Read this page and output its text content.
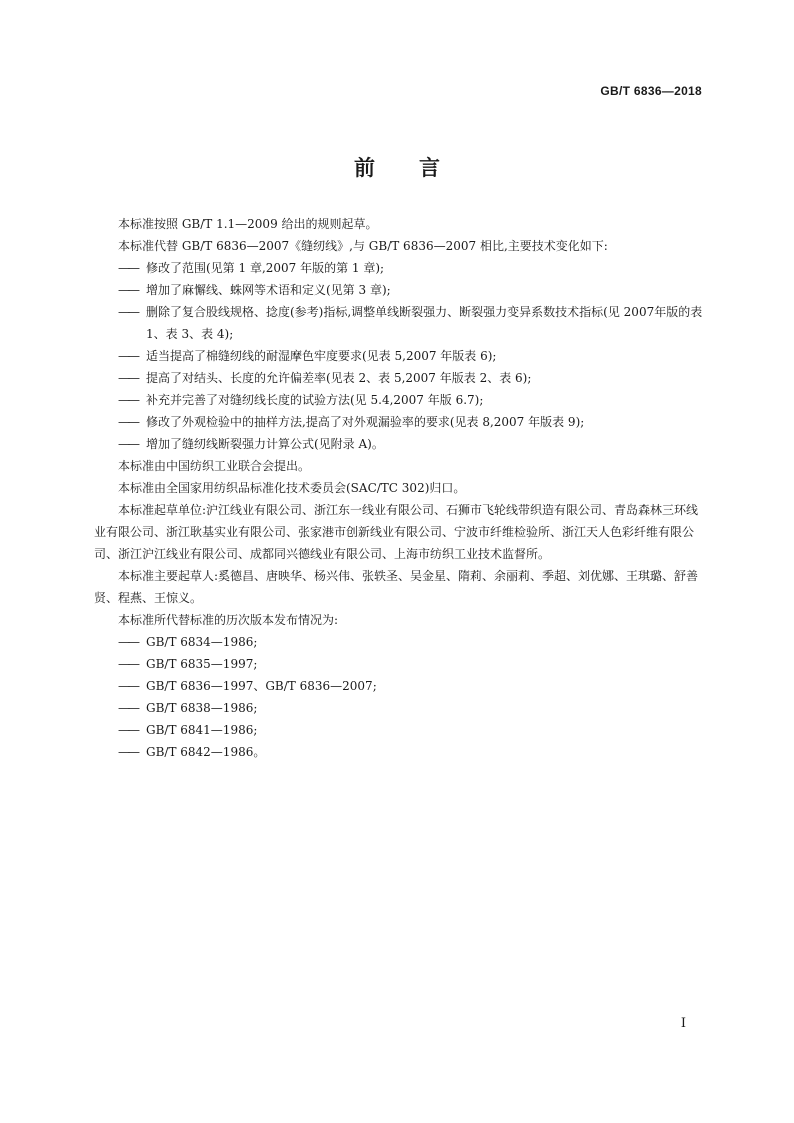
GB/T 6836—2018
前言

本标准按照 GB/T 1.1—2009 给出的规则起草。

本标准代替 GB/T 6836—2007《缝纫线》,与 GB/T 6836—2007 相比,主要技术变化如下:

—— 修改了范围(见第 1 章,2007 年版的第 1 章);

—— 增加了麻懈线、蛛网等术语和定义(见第 3 章);

—— 删除了复合股线规格、捻度(参考)指标,调整单线断裂强力、断裂强力变异系数技术指标(见 2007年版的表 1、表 3、表 4);

—— 适当提高了棉缝纫线的耐湿摩色牢度要求(见表 5,2007 年版表 6);

—— 提高了对结头、长度的允许偏差率(见表 2、表 5,2007 年版表 2、表 6);

—— 补充并完善了对缝纫线长度的试验方法(见 5.4,2007 年版 6.7);

—— 修改了外观检验中的抽样方法,提高了对外观漏验率的要求(见表 8,2007 年版表 9);

—— 增加了缝纫线断裂强力计算公式(见附录 A)。

本标准由中国纺织工业联合会提出。

本标准由全国家用纺织品标准化技术委员会(SAC/TC 302)归口。

本标准起草单位:沪江线业有限公司、浙江东一线业有限公司、石狮市飞轮线带织造有限公司、青岛森林三环线业有限公司、浙江耿基实业有限公司、张家港市创新线业有限公司、宁波市纤维检验所、浙江天人色彩纤维有限公司、浙江沪江线业有限公司、成都同兴德线业有限公司、上海市纺织工业技术监督所。

本标准主要起草人:奚德昌、唐映华、杨兴伟、张轶圣、吴金星、隋莉、余丽莉、季超、刘优娜、王琪璐、舒善贤、程燕、王惊义。

本标准所代替标准的历次版本发布情况为:

—— GB/T 6834—1986;

—— GB/T 6835—1997;

—— GB/T 6836—1997、GB/T 6836—2007;

—— GB/T 6838—1986;

—— GB/T 6841—1986;

—— GB/T 6842—1986。

I
